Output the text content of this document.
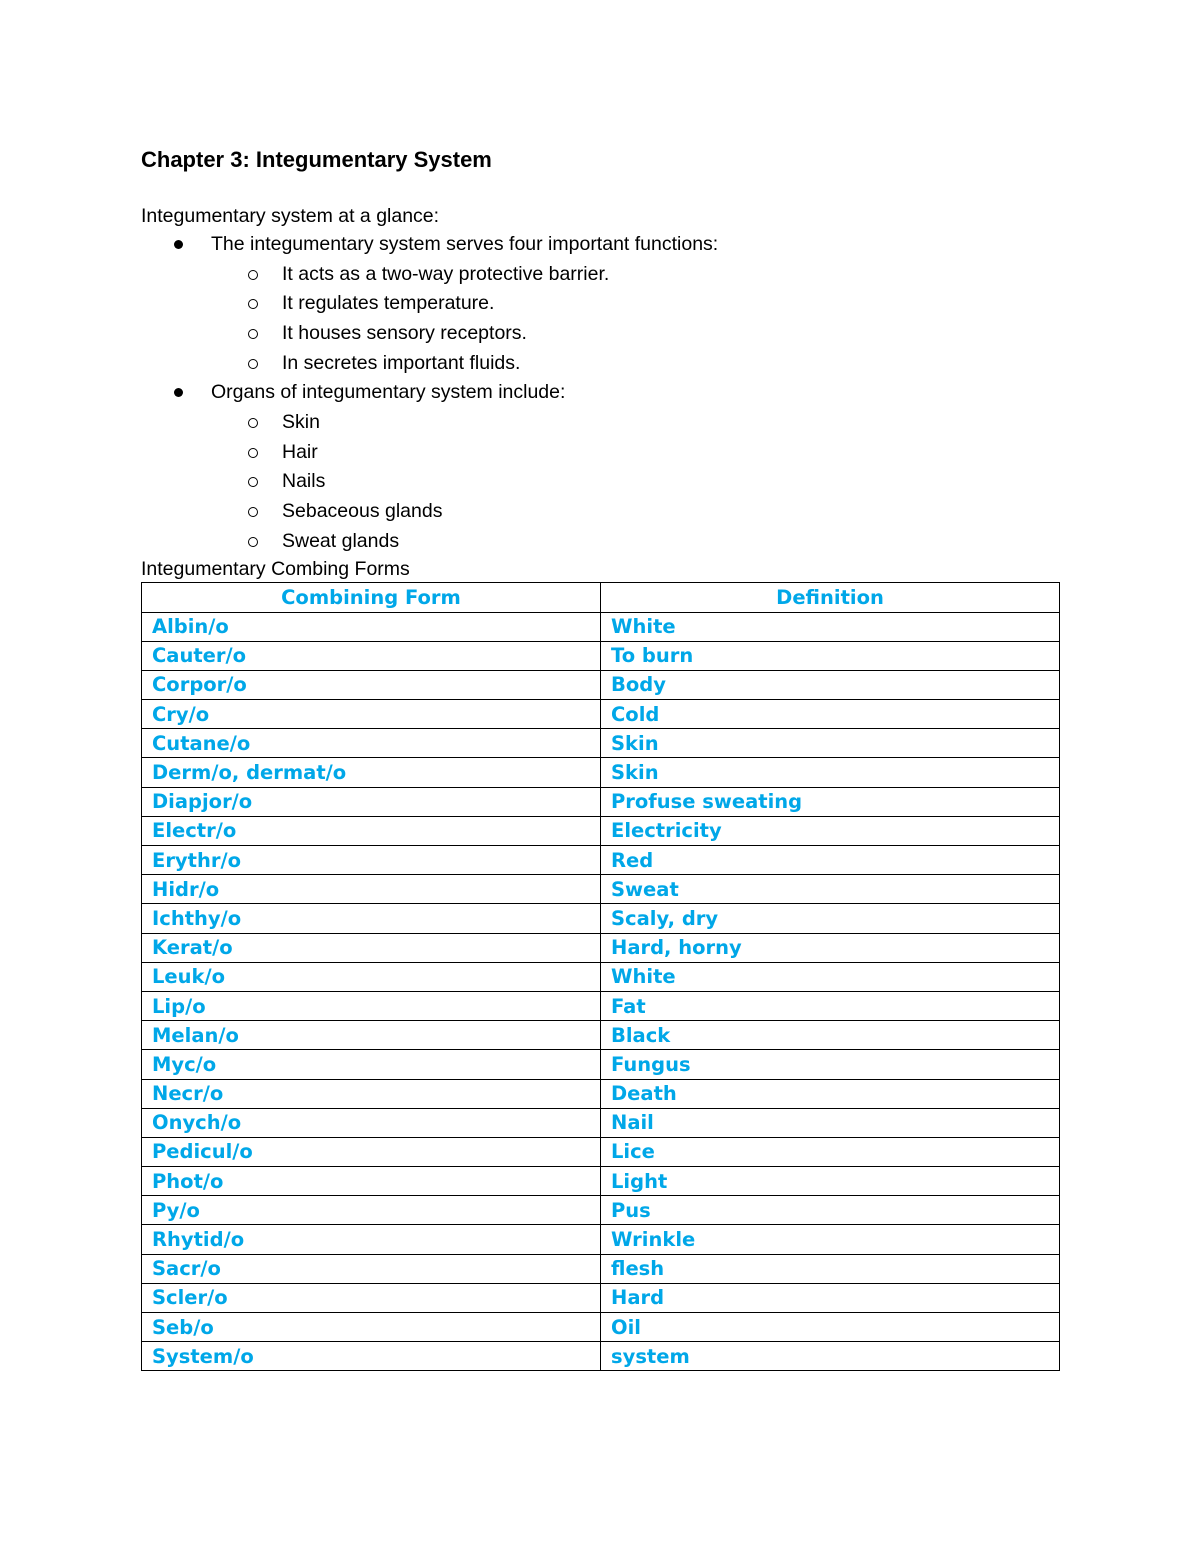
Chapter 3: Integumentary System
Integumentary system at a glance:
The integumentary system serves four important functions:
It acts as a two-way protective barrier.
It regulates temperature.
It houses sensory receptors.
In secretes important fluids.
Organs of integumentary system include:
Skin
Hair
Nails
Sebaceous glands
Sweat glands
Integumentary Combing Forms
Combining Form	Definition
Albin/o	White
Cauter/o	To burn
Corpor/o	Body
Cry/o	Cold
Cutane/o	Skin
Derm/o, dermat/o	Skin
Diapjor/o	Profuse sweating
Electr/o	Electricity
Erythr/o	Red
Hidr/o	Sweat
Ichthy/o	Scaly, dry
Kerat/o	Hard, horny
Leuk/o	White
Lip/o	Fat
Melan/o	Black
Myc/o	Fungus
Necr/o	Death
Onych/o	Nail
Pedicul/o	Lice
Phot/o	Light
Py/o	Pus
Rhytid/o	Wrinkle
Sacr/o	flesh
Scler/o	Hard
Seb/o	Oil
System/o	system
